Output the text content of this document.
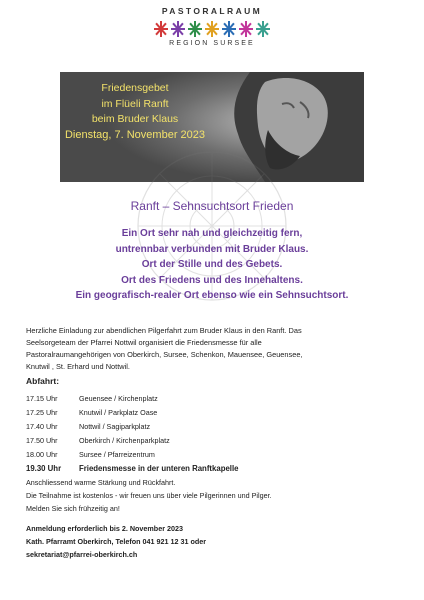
PASTORALRAUM
REGION SURSEE
Friedensgebet
im Flüeli Ranft
beim Bruder Klaus
Dienstag, 7. November 2023
Ranft – Sehnsuchtsort Frieden
Ein Ort sehr nah und gleichzeitig fern,
untrennbar verbunden mit Bruder Klaus.
Ort der Stille und des Gebets.
Ort des Friedens und des Innehaltens.
Ein geografisch-realer Ort ebenso wie ein Sehnsuchtsort.
Herzliche Einladung zur abendlichen Pilgerfahrt zum Bruder Klaus in den Ranft. Das
Seelsorgeteam der Pfarrei Nottwil organisiert die Friedensmesse für alle
Pastoralraumangehörigen von Oberkirch, Sursee, Schenkon, Mauensee, Geuensee,
Knutwil , St. Erhard und Nottwil.
Abfahrt:
17.15 Uhr	Geuensee / Kirchenplatz
17.25 Uhr	Knutwil / Parkplatz Oase
17.40 Uhr	Nottwil / Sagiparkplatz
17.50 Uhr	Oberkirch / Kirchenparkplatz
18.00 Uhr	Sursee / Pfarreizentrum
19.30 Uhr	Friedensmesse in der unteren Ranftkapelle
Anschliessend warme Stärkung und Rückfahrt.
Die Teilnahme ist kostenlos - wir freuen uns über viele Pilgerinnen und Pilger.
Melden Sie sich frühzeitig an!
Anmeldung erforderlich bis 2. November 2023
Kath. Pfarramt Oberkirch, Telefon 041 921 12 31 oder
sekretariat@pfarrei-oberkirch.ch
